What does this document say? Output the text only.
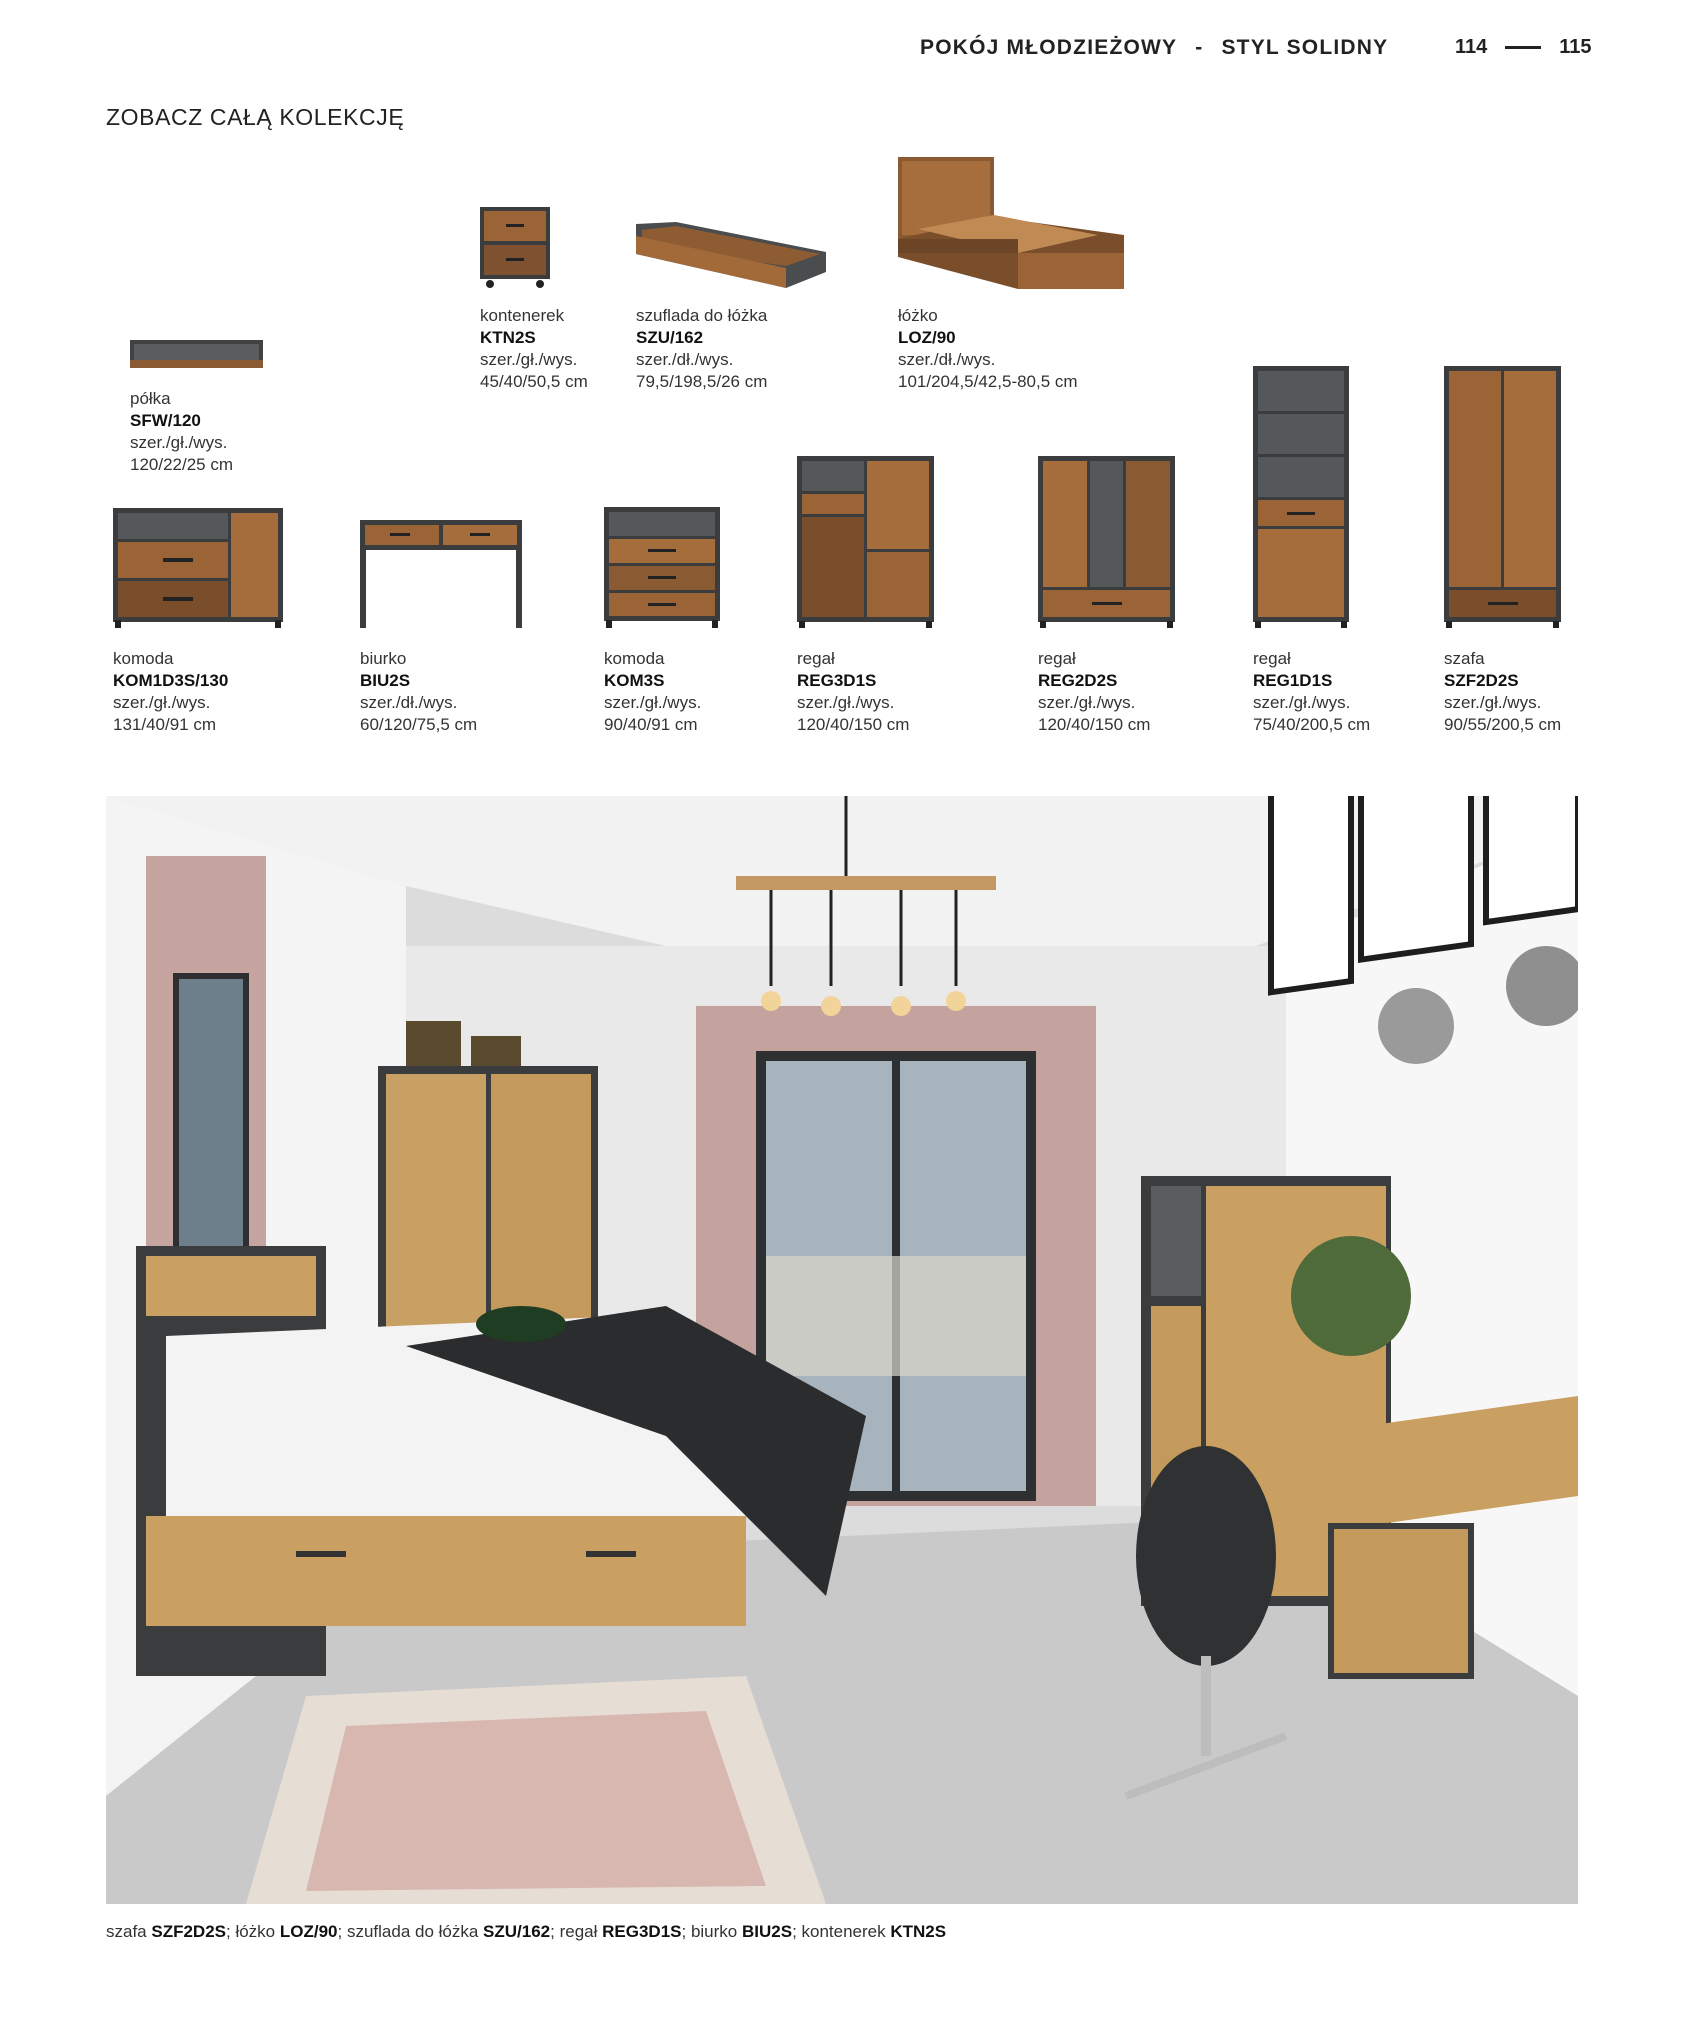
POKÓJ MŁODZIEŻOWY - STYL SOLIDNY	114	115
ZOBACZ CAŁĄ KOLEKCJĘ
półka
SFW/120
szer./gł./wys.
120/22/25 cm
kontenerek
KTN2S
szer./gł./wys.
45/40/50,5 cm
szuflada do łóżka
SZU/162
szer./dł./wys.
79,5/198,5/26 cm
łóżko
LOZ/90
szer./dł./wys.
101/204,5/42,5-80,5 cm
komoda
KOM1D3S/130
szer./gł./wys.
131/40/91 cm
biurko
BIU2S
szer./dł./wys.
60/120/75,5 cm
komoda
KOM3S
szer./gł./wys.
90/40/91 cm
regał
REG3D1S
szer./gł./wys.
120/40/150 cm
regał
REG2D2S
szer./gł./wys.
120/40/150 cm
regał
REG1D1S
szer./gł./wys.
75/40/200,5 cm
szafa
SZF2D2S
szer./gł./wys.
90/55/200,5 cm
szafa SZF2D2S; łóżko LOZ/90; szuflada do łóżka SZU/162; regał REG3D1S; biurko BIU2S; kontenerek KTN2S
